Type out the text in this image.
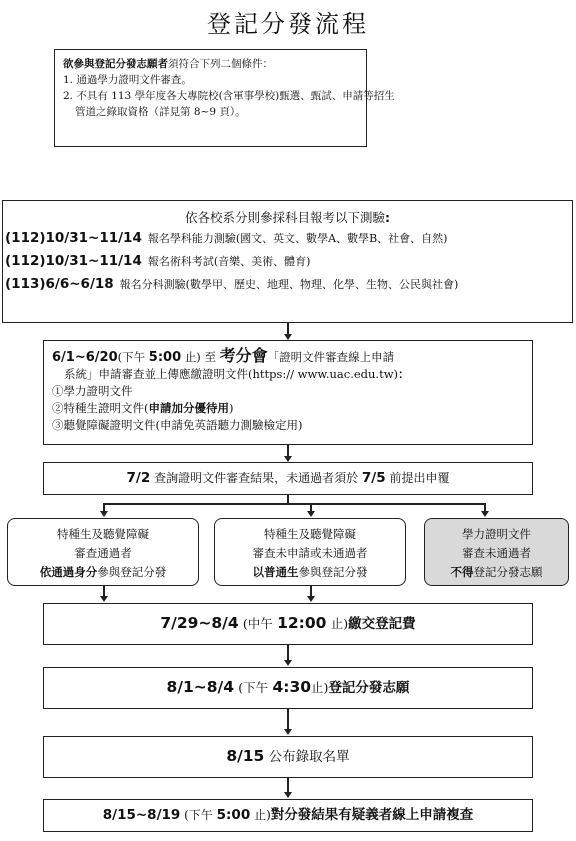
登記分發流程
欲參與登記分發志願者須符合下列二個條件：
1. 通過學力證明文件審查。
2. 不具有 113 學年度各大專院校(含軍事學校)甄選、甄試、申請等招生
管道之錄取資格（詳見第 8~9 頁）。
依各校系分則參採科目報考以下測驗:
(112)10/31~11/14 報名學科能力測驗(國文、英文、數學A、數學B、社會、自然)
(112)10/31~11/14 報名術科考試(音樂、美術、體育)
(113)6/6~6/18 報名分科測驗(數學甲、歷史、地理、物理、化學、生物、公民與社會)
6/1~6/20(下午 5:00 止) 至 考分會「證明文件審查線上申請
系統」申請審查並上傳應繳證明文件(https:// www.uac.edu.tw)：
①學力證明文件
②特種生證明文件(申請加分優待用)
③聽覺障礙證明文件(申請免英語聽力測驗檢定用)
7/2 查詢證明文件審查結果，未通過者須於 7/5 前提出申覆
特種生及聽覺障礙
審查通過者
依通過身分參與登記分發
特種生及聽覺障礙
審查未申請或未通過者
以普通生參與登記分發
學力證明文件
審查未通過者
不得登記分發志願
7/29~8/4 (中午 12:00 止)繳交登記費
8/1~8/4 (下午 4:30止)登記分發志願
8/15 公布錄取名單
8/15~8/19 (下午 5:00 止)對分發結果有疑義者線上申請複查
